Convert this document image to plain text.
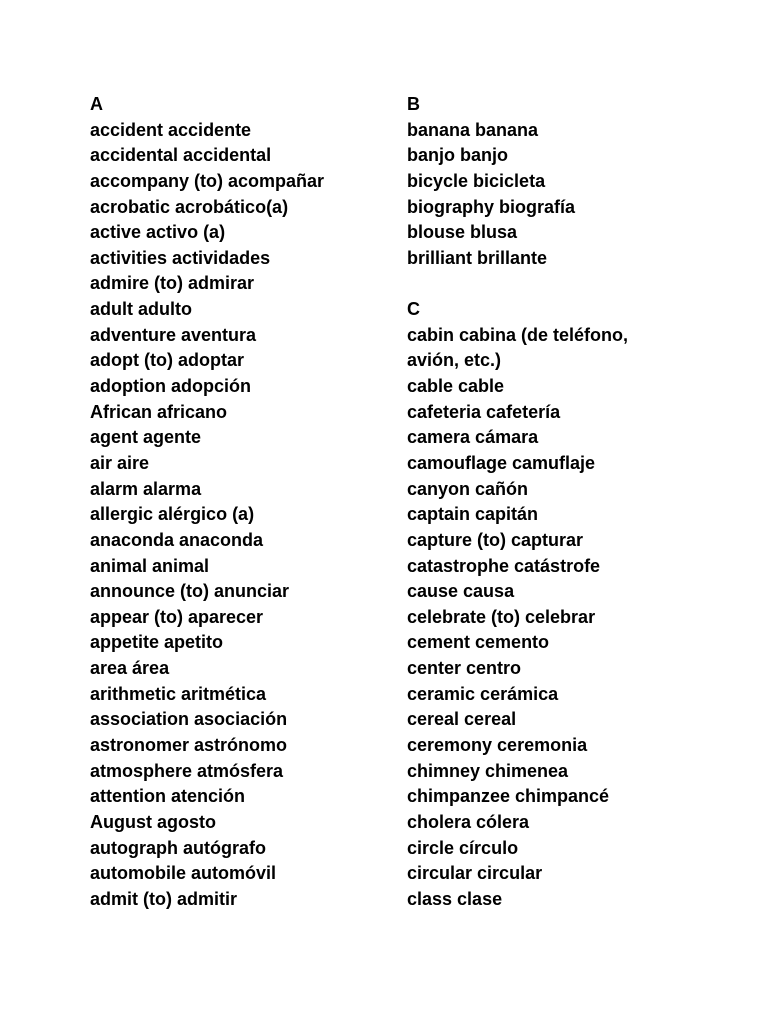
A

accident accidente

accidental accidental

accompany (to) acompañar

acrobatic acrobático(a)

active activo (a)

activities actividades

admire (to) admirar

adult adulto

adventure aventura

adopt (to) adoptar

adoption adopción

African africano

agent agente

air aire

alarm alarma

allergic alérgico (a)

anaconda anaconda

animal animal

announce (to) anunciar

appear (to) aparecer

appetite apetito

area área

arithmetic aritmética

association asociación

astronomer astrónomo

atmosphere atmósfera

attention atención

August agosto

autograph autógrafo

automobile automóvil

admit (to) admitir

B

banana banana

banjo banjo

bicycle bicicleta

biography biografía

blouse blusa

brilliant brillante

C

cabin cabina (de teléfono,

avión, etc.)

cable cable

cafeteria cafetería

camera cámara

camouflage camuflaje

canyon cañón

captain capitán

capture (to) capturar

catastrophe catástrofe

cause causa

celebrate (to) celebrar

cement cemento

center centro

ceramic cerámica

cereal cereal

ceremony ceremonia

chimney chimenea

chimpanzee chimpancé

cholera cólera

circle círculo

circular circular

class clase
